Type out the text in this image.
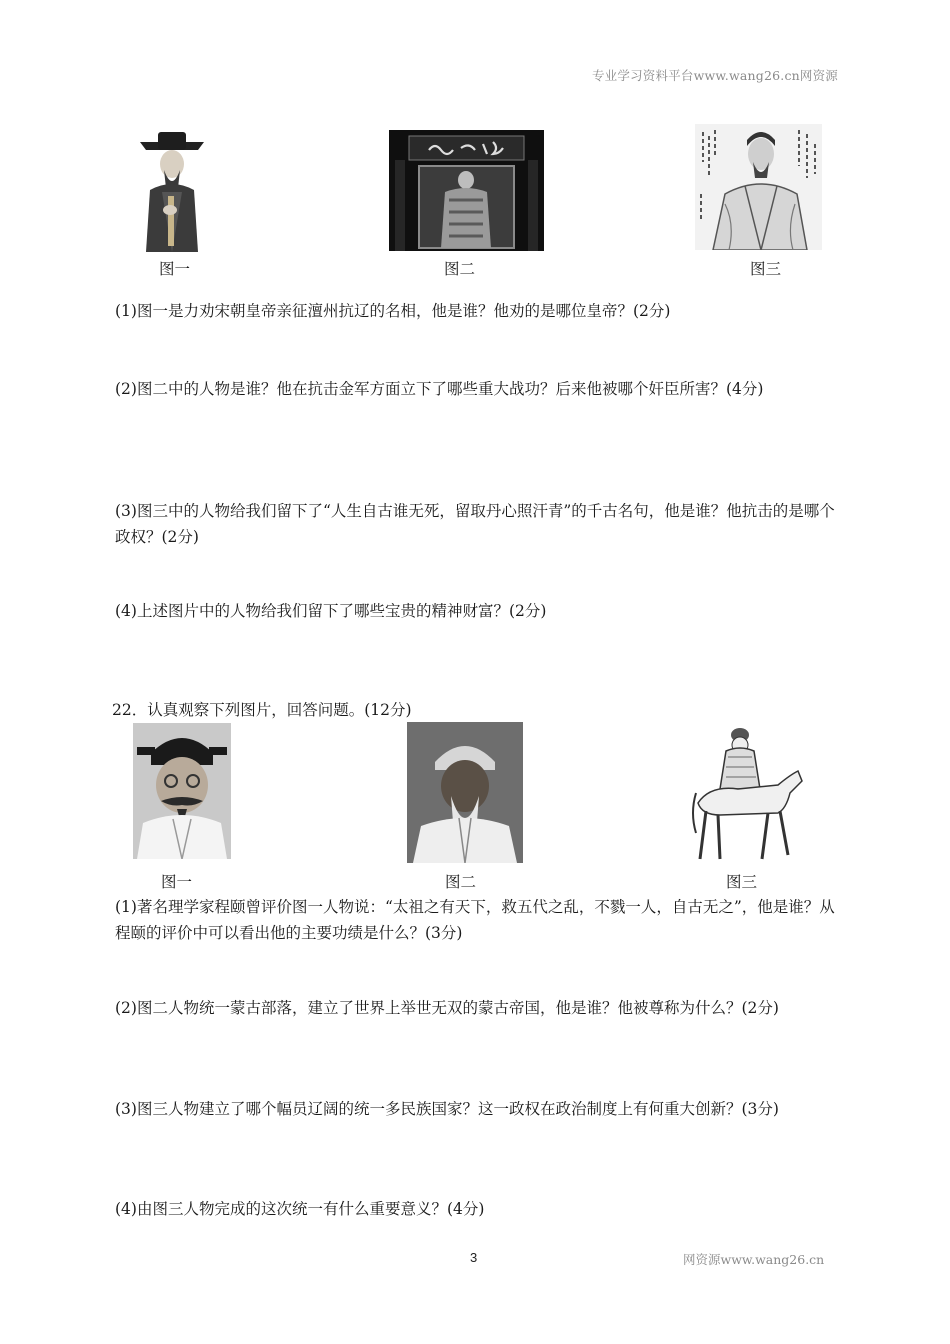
专业学习资料平台www.wang26.cn网资源
图一	图二	图三
(1)图一是力劝宋朝皇帝亲征澶州抗辽的名相，他是谁？他劝的是哪位皇帝？(2分)
(2)图二中的人物是谁？他在抗击金军方面立下了哪些重大战功？后来他被哪个奸臣所害？(4分)
(3)图三中的人物给我们留下了“人生自古谁无死，留取丹心照汗青”的千古名句，他是谁？他抗击的是哪个政权？(2分)
(4)上述图片中的人物给我们留下了哪些宝贵的精神财富？(2分)
22．认真观察下列图片，回答问题。(12分)
图一	图二	图三
(1)著名理学家程颐曾评价图一人物说：“太祖之有天下，救五代之乱，不戮一人，自古无之”，他是谁？从程颐的评价中可以看出他的主要功绩是什么？(3分)
(2)图二人物统一蒙古部落，建立了世界上举世无双的蒙古帝国，他是谁？他被尊称为什么？(2分)
(3)图三人物建立了哪个幅员辽阔的统一多民族国家？这一政权在政治制度上有何重大创新？(3分)
(4)由图三人物完成的这次统一有什么重要意义？(4分)
3	网资源www.wang26.cn
